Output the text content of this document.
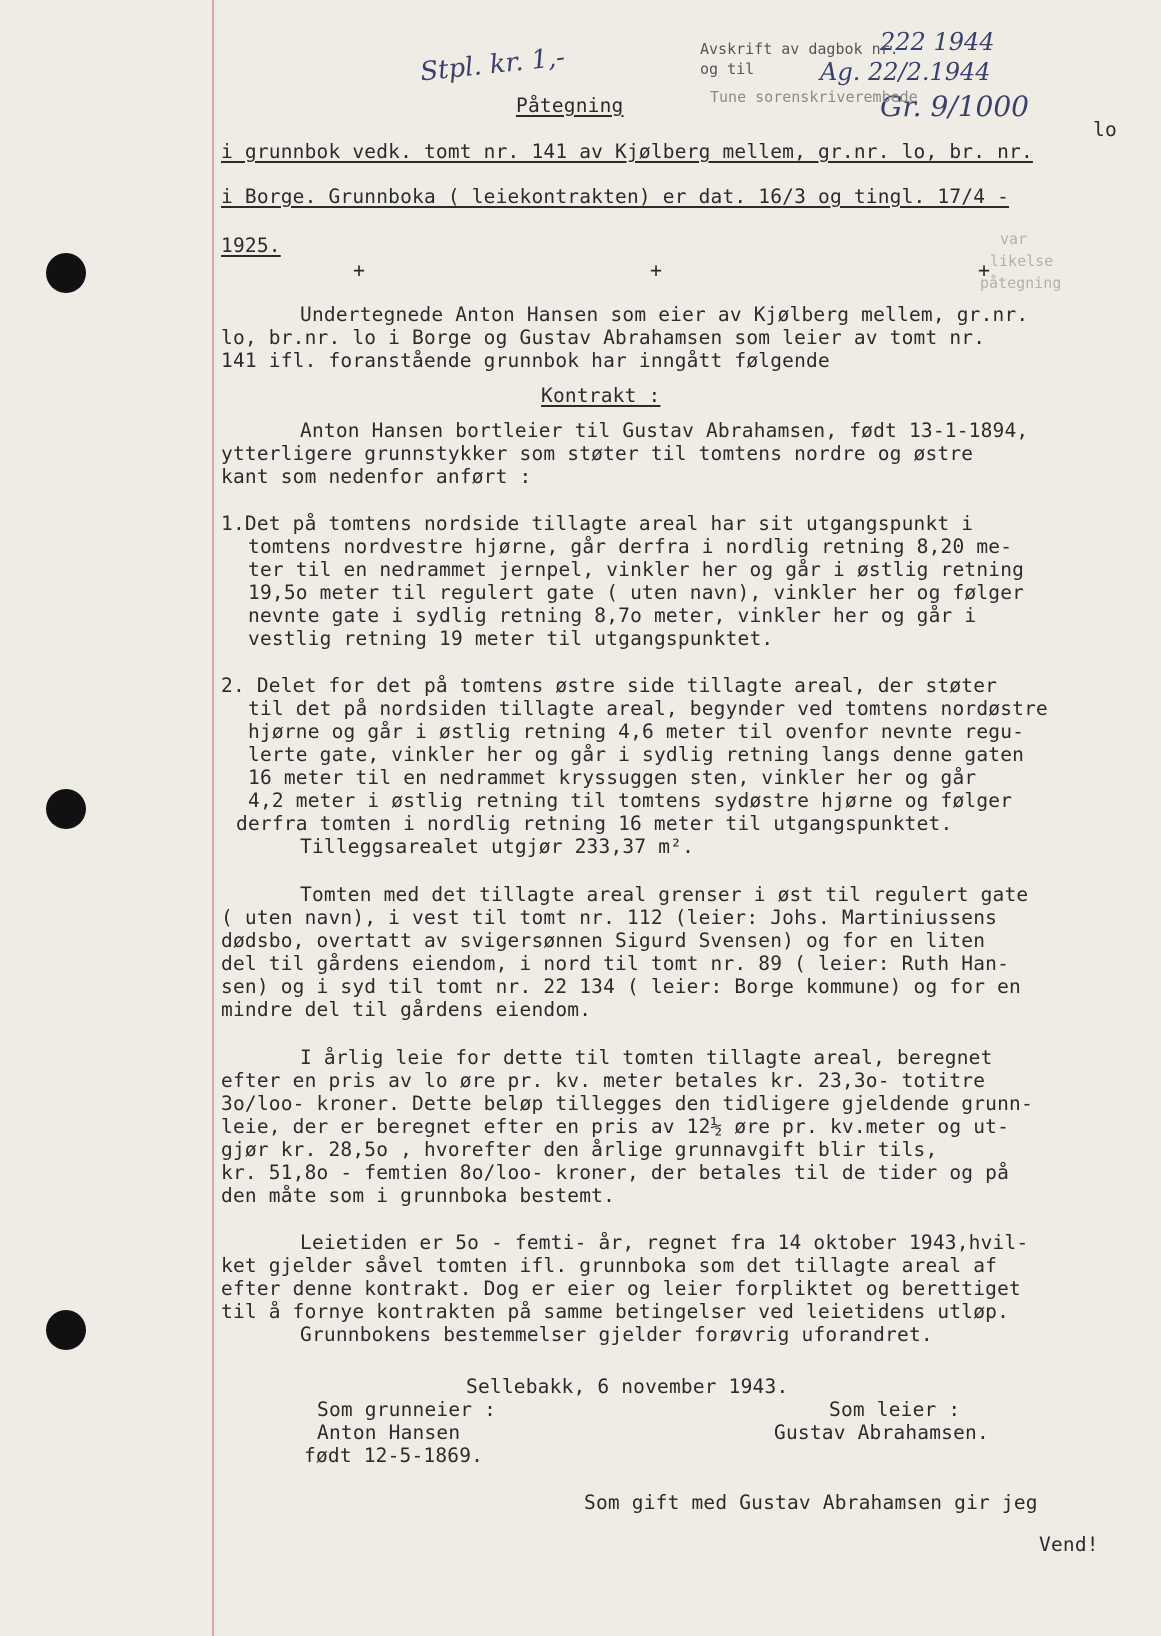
Stpl. kr. 1,-
222 1944
Ag. 22/2.1944
Gr. 9/1000
lo
Avskrift av dagbok nr.
og til
Tune sorenskriverembede
var
likelse
påtegning
Påtegning
i grunnbok vedk. tomt nr. 141 av Kjølberg mellem, gr.nr. lo, br. nr.
i Borge. Grunnboka ( leiekontrakten) er dat. 16/3 og tingl. 17/4 -
1925.
+	+	+
Undertegnede Anton Hansen som eier av Kjølberg mellem, gr.nr.
lo, br.nr. lo i Borge og Gustav Abrahamsen som leier av tomt nr.
141 ifl. foranstående grunnbok har inngått følgende
Kontrakt :
Anton Hansen bortleier til Gustav Abrahamsen, født 13-1-1894,
ytterligere grunnstykker som støter til tomtens nordre og østre
kant som nedenfor anført :
1.Det på tomtens nordside tillagte areal har sit utgangspunkt i
tomtens nordvestre hjørne, går derfra i nordlig retning 8,20 me-
ter til en nedrammet jernpel, vinkler her og går i østlig retning
19,5o meter til regulert gate ( uten navn), vinkler her og følger
nevnte gate i sydlig retning 8,7o meter, vinkler her og går i
vestlig retning 19 meter til utgangspunktet.
2. Delet for det på tomtens østre side tillagte areal, der støter
til det på nordsiden tillagte areal, begynder ved tomtens nordøstre
hjørne og går i østlig retning 4,6 meter til ovenfor nevnte regu-
lerte gate, vinkler her og går i sydlig retning langs denne gaten
16 meter til en nedrammet kryssuggen sten, vinkler her og går
4,2 meter i østlig retning til tomtens sydøstre hjørne og følger
derfra tomten i nordlig retning 16 meter til utgangspunktet.
Tilleggsarealet utgjør 233,37 m².
Tomten med det tillagte areal grenser i øst til regulert gate
( uten navn), i vest til tomt nr. 112 (leier: Johs. Martiniussens
dødsbo, overtatt av svigersønnen Sigurd Svensen) og for en liten
del til gårdens eiendom, i nord til tomt nr. 89 ( leier: Ruth Han-
sen) og i syd til tomt nr. 22 134 ( leier: Borge kommune) og for en
mindre del til gårdens eiendom.
I årlig leie for dette til tomten tillagte areal, beregnet
efter en pris av lo øre pr. kv. meter betales kr. 23,3o- totitre
3o/loo- kroner. Dette beløp tillegges den tidligere gjeldende grunn-
leie, der er beregnet efter en pris av 12½ øre pr. kv.meter og ut-
gjør kr. 28,5o , hvorefter den årlige grunnavgift blir tils,
kr. 51,8o - femtien 8o/loo- kroner, der betales til de tider og på
den måte som i grunnboka bestemt.
Leietiden er 5o - femti- år, regnet fra 14 oktober 1943,hvil-
ket gjelder såvel tomten ifl. grunnboka som det tillagte areal af
efter denne kontrakt. Dog er eier og leier forpliktet og berettiget
til å fornye kontrakten på samme betingelser ved leietidens utløp.
Grunnbokens bestemmelser gjelder forøvrig uforandret.
Sellebakk, 6 november 1943.
Som grunneier :
Anton Hansen
født 12-5-1869.
Som leier :
Gustav Abrahamsen.
Som gift med Gustav Abrahamsen gir jeg
Vend!
